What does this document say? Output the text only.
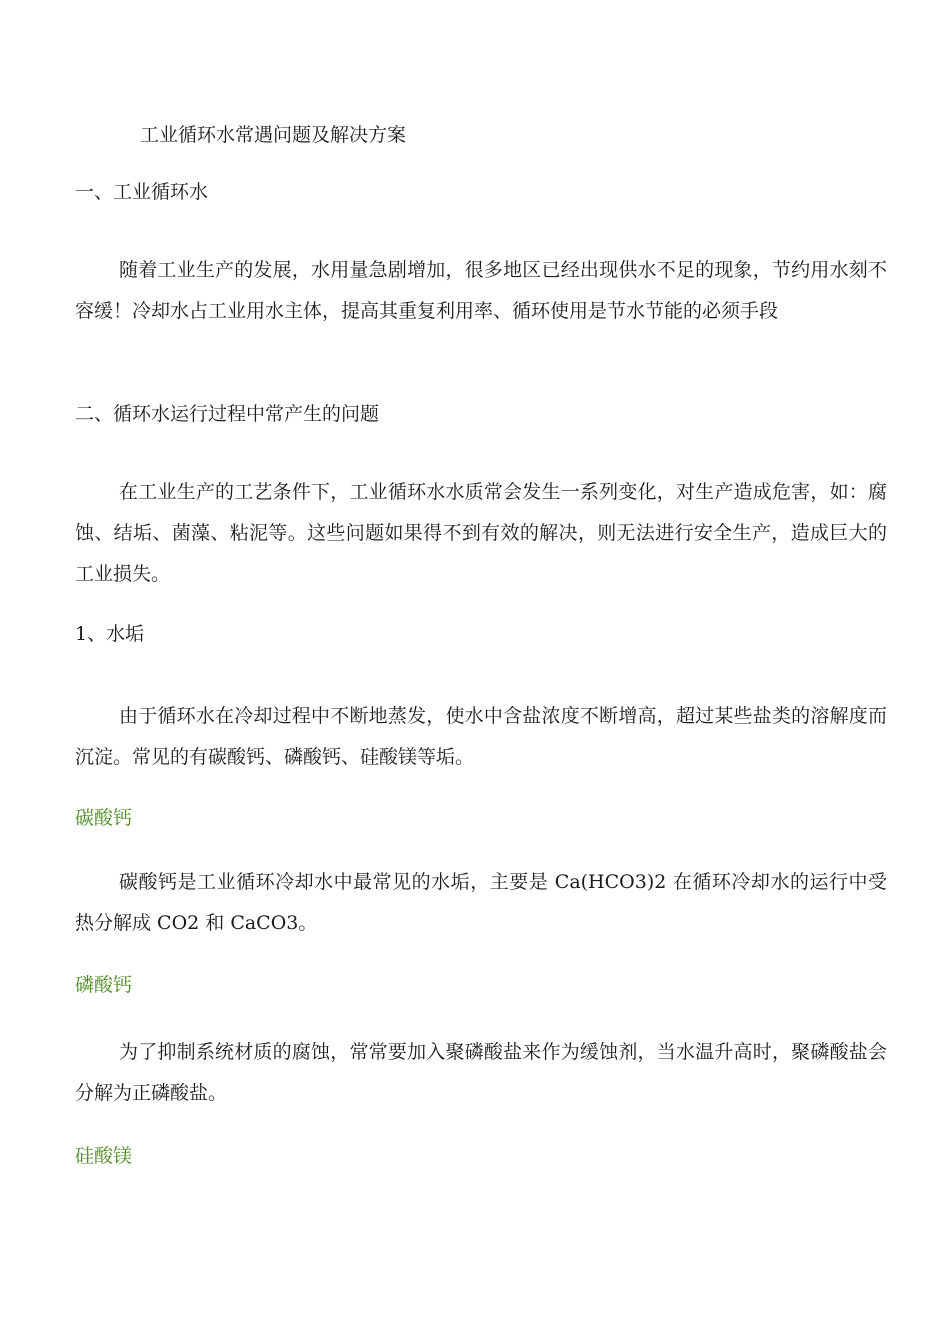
工业循环水常遇问题及解决方案
一、工业循环水
随着工业生产的发展，水用量急剧增加，很多地区已经出现供水不足的现象，节约用水刻不容缓！冷却水占工业用水主体，提高其重复利用率、循环使用是节水节能的必须手段
二、循环水运行过程中常产生的问题
在工业生产的工艺条件下，工业循环水水质常会发生一系列变化，对生产造成危害，如：腐蚀、结垢、菌藻、粘泥等。这些问题如果得不到有效的解决，则无法进行安全生产，造成巨大的工业损失。
1、水垢
由于循环水在冷却过程中不断地蒸发，使水中含盐浓度不断增高，超过某些盐类的溶解度而沉淀。常见的有碳酸钙、磷酸钙、硅酸镁等垢。
碳酸钙
碳酸钙是工业循环冷却水中最常见的水垢，主要是 Ca(HCO3)2 在循环冷却水的运行中受热分解成 CO2 和 CaCO3。
磷酸钙
为了抑制系统材质的腐蚀，常常要加入聚磷酸盐来作为缓蚀剂，当水温升高时，聚磷酸盐会分解为正磷酸盐。
硅酸镁
